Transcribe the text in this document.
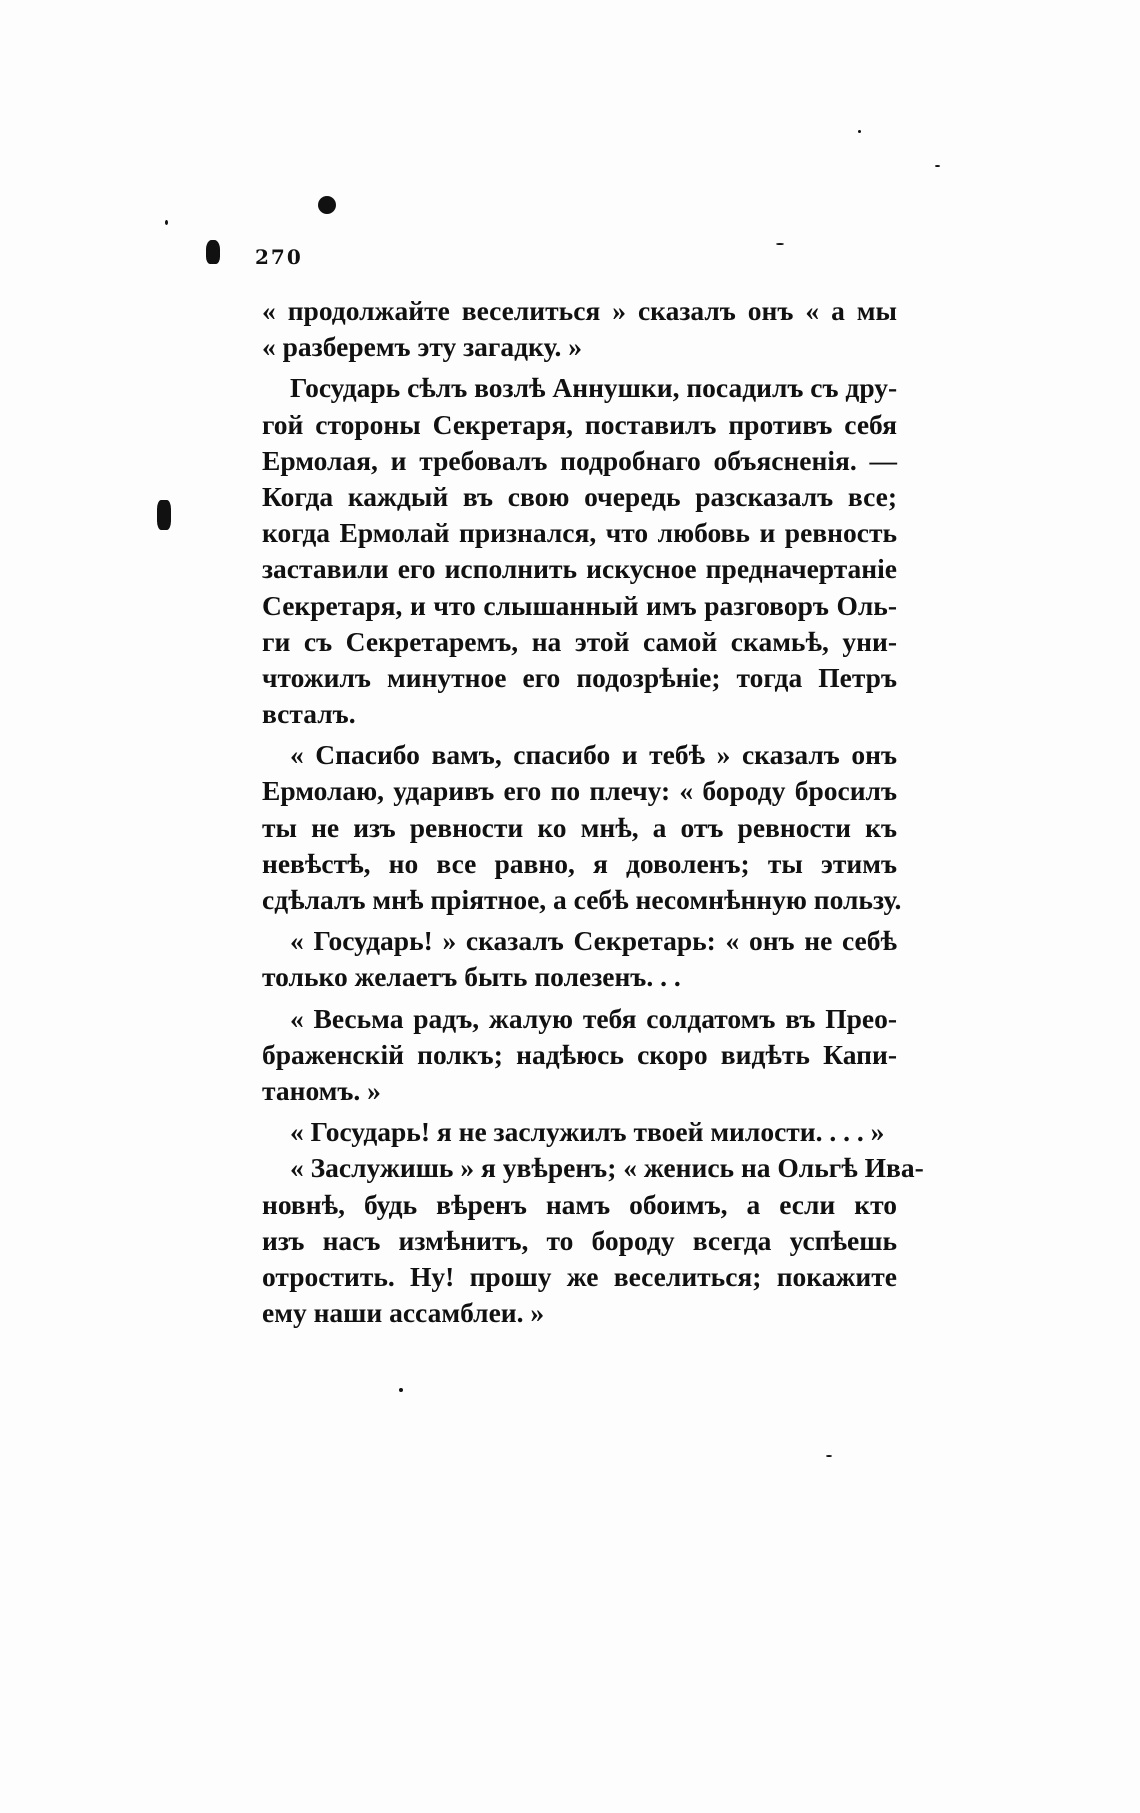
270
« продолжайте веселиться » сказалъ онъ « а мы
« разберемъ эту загадку. »
Государь сѣлъ возлѣ Аннушки, посадилъ съ дру-
гой стороны Секретаря, поставилъ противъ себя
Ермолая, и требовалъ подробнаго объясненія. —
Когда каждый въ свою очередь разсказалъ все;
когда Ермолай признался, что любовь и ревность
заставили его исполнить искусное предначертаніе
Секретаря, и что слышанный имъ разговоръ Оль-
ги съ Секретаремъ, на этой самой скамьѣ, уни-
чтожилъ минутное его подозрѣніе; тогда Петръ
всталъ.
« Спасибо вамъ, спасибо и тебѣ » сказалъ онъ
Ермолаю, ударивъ его по плечу: « бороду бросилъ
ты не изъ ревности ко мнѣ, а отъ ревности къ
невѣстѣ, но все равно, я доволенъ; ты этимъ
сдѣлалъ мнѣ пріятное, а себѣ несомнѣнную пользу.
« Государь! » сказалъ Секретарь: « онъ не себѣ
только желаетъ быть полезенъ. . .
« Весьма радъ, жалую тебя солдатомъ въ Прео-
браженскій полкъ; надѣюсь скоро видѣть Капи-
таномъ. »
« Государь! я не заслужилъ твоей милости. . . . »
« Заслужишь » я увѣренъ; « женись на Ольгѣ Ива-
новнѣ, будь вѣренъ намъ обоимъ, а если кто
изъ насъ измѣнитъ, то бороду всегда успѣешь
отростить. Ну! прошу же веселиться; покажите
ему наши ассамблеи. »
